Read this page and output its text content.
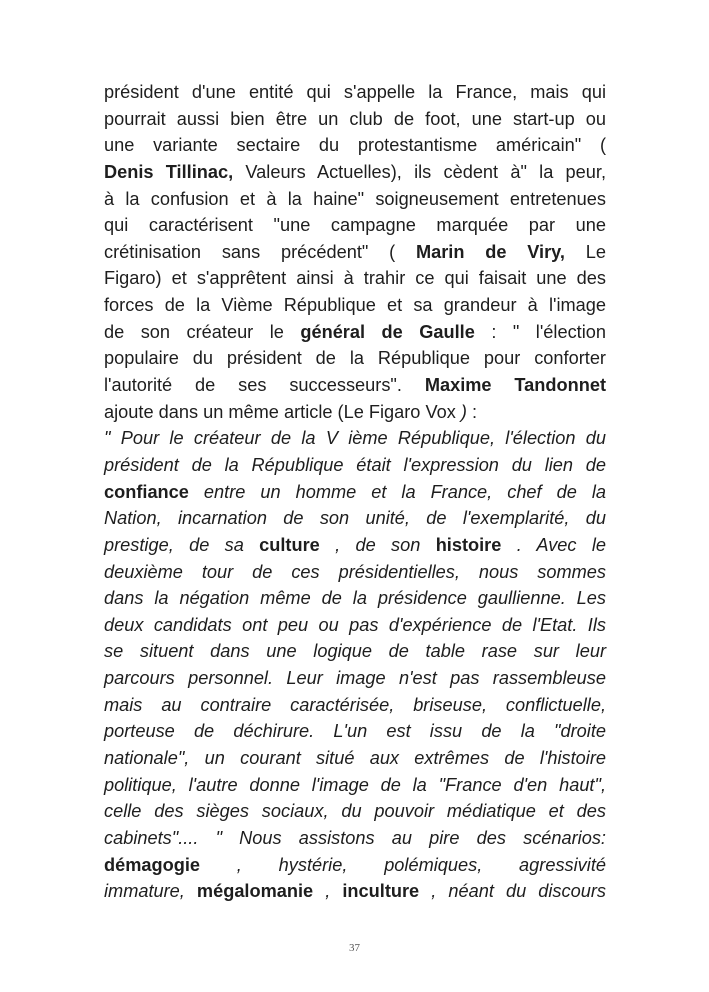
président d'une entité qui s'appelle la France, mais qui
pourrait aussi bien être un club de foot, une start-up ou
une variante sectaire du protestantisme américain" (
Denis Tillinac, Valeurs Actuelles), ils cèdent à" la peur,
à la confusion et à la haine" soigneusement entretenues
qui caractérisent "une campagne marquée par une
crétinisation sans précédent" ( Marin de Viry, Le
Figaro) et s'apprêtent ainsi à trahir ce qui faisait une des
forces de la Vième République et sa grandeur à l'image
de son créateur le général de Gaulle : " l'élection
populaire du président de la République pour conforter
l'autorité de ses successeurs". Maxime Tandonnet
ajoute dans un même article (Le Figaro Vox ) :
" Pour le créateur de la V ième République, l'élection du
président de la République était l'expression du lien de
confiance entre un homme et la France, chef de la
Nation, incarnation de son unité, de l'exemplarité, du
prestige, de sa culture , de son histoire . Avec le
deuxième tour de ces présidentielles, nous sommes
dans la négation même de la présidence gaullienne. Les
deux candidats ont peu ou pas d'expérience de l'Etat. Ils
se situent dans une logique de table rase sur leur
parcours personnel. Leur image n'est pas rassembleuse
mais au contraire caractérisée, briseuse, conflictuelle,
porteuse de déchirure. L'un est issu de la "droite
nationale", un courant situé aux extrêmes de l'histoire
politique, l'autre donne l'image de la "France d'en haut",
celle des sièges sociaux, du pouvoir médiatique et des
cabinets".... " Nous assistons au pire des scénarios:
démagogie , hystérie, polémiques, agressivité
immature, mégalomanie , inculture , néant du discours
37
